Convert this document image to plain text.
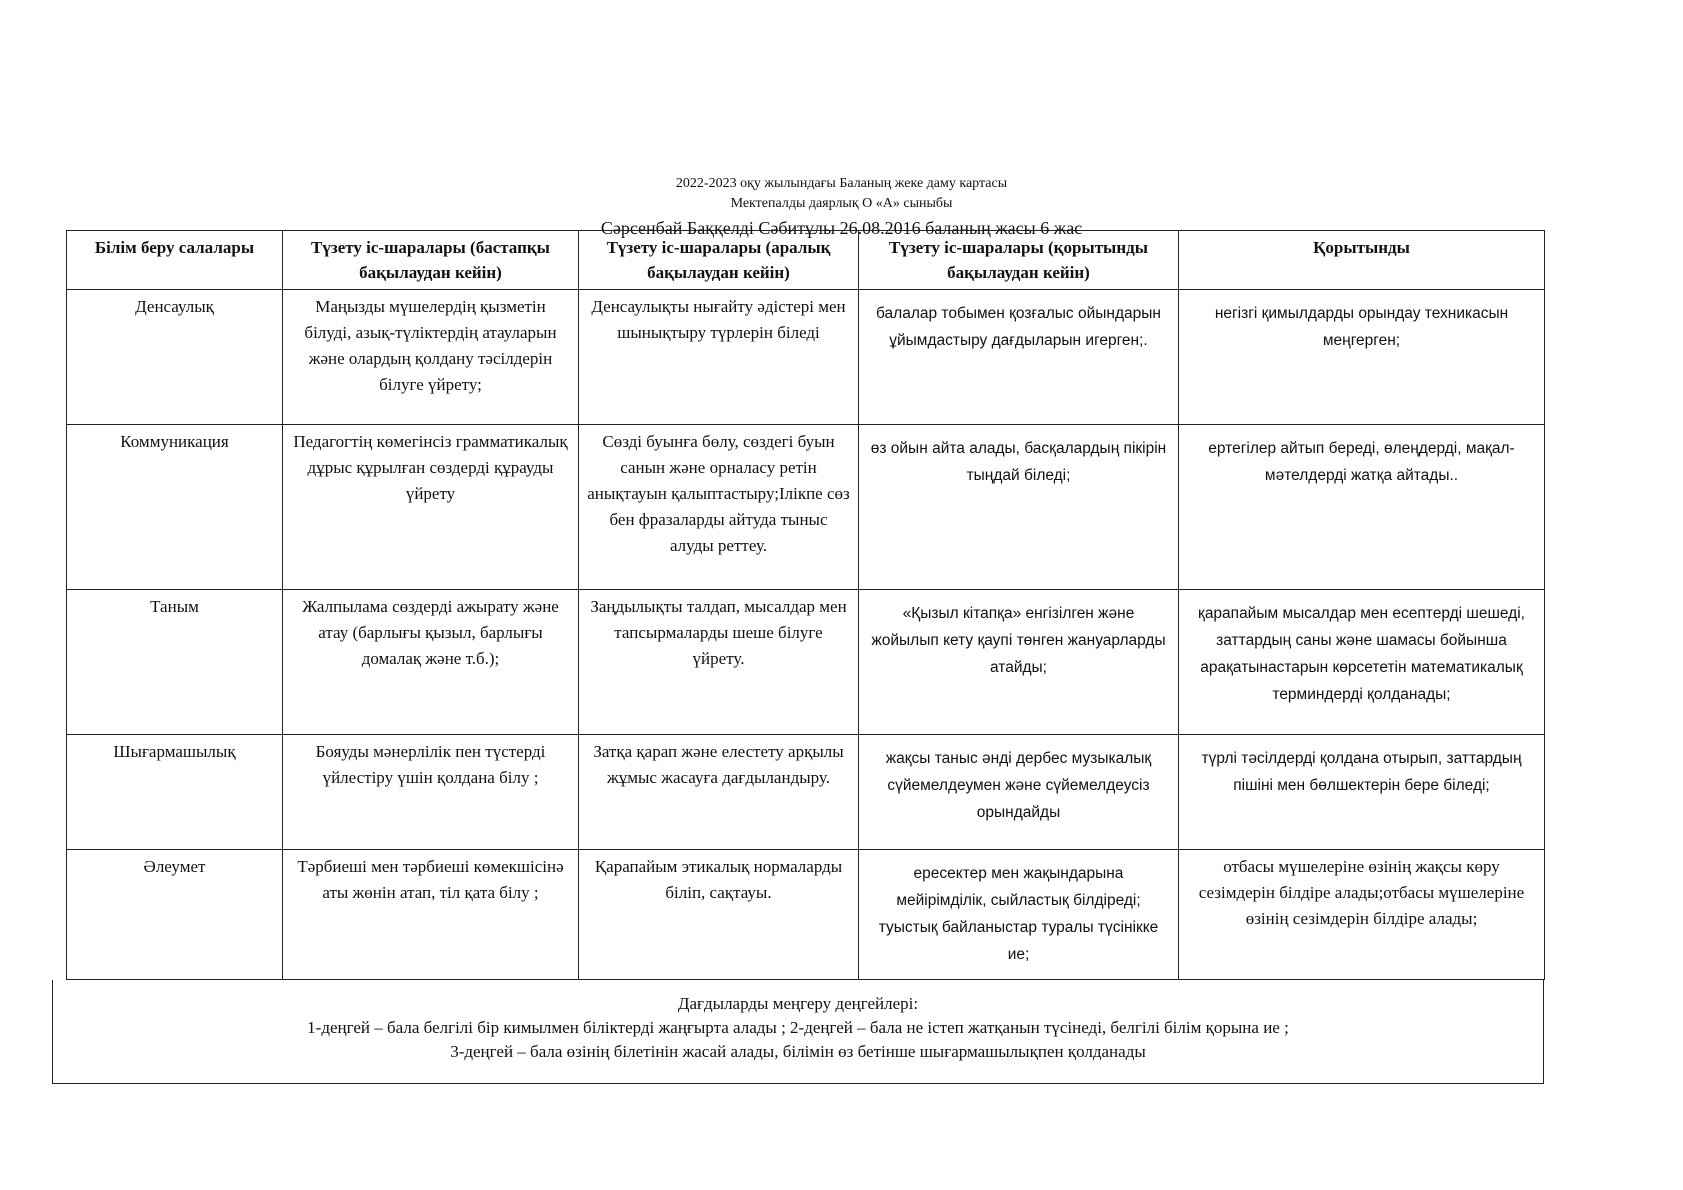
2022-2023 оқу жылындағы Баланың жеке даму картасы
Мектепалды даярлық О «А» сыныбы
Сәрсенбай Баққелді Сәбитұлы 26.08.2016 баланың жасы 6 жас
Білім беру салалары	Түзету іс-шаралары (бастапқы бақылаудан кейін)	Түзету іс-шаралары (аралық бақылаудан кейін)	Түзету іс-шаралары (қорытынды бақылаудан кейін)	Қорытынды
Денсаулық	Маңызды мүшелердің қызметін білуді, азық-түліктердің атауларын және олардың қолдану тәсілдерін білуге үйрету;	Денсаулықты нығайту әдістері мен шынықтыру түрлерін біледі	балалар тобымен қозғалыс ойындарын ұйымдастыру дағдыларын игерген;.	негізгі қимылдарды орындау техникасын меңгерген;
Коммуникация	Педагогтің көмегінсіз грамматикалық дұрыс құрылған сөздерді құрауды үйрету	Сөзді буынға бөлу, сөздегі буын санын және орналасу ретін анықтауын қалыптастыру;Ілікпе сөз бен фразаларды айтуда тыныс алуды реттеу.	өз ойын айта алады, басқалардың пікірін тыңдай біледі;	ертегілер айтып береді, өлеңдерді, мақал-мәтелдерді жатқа айтады..
Таным	Жалпылама сөздерді ажырату және атау (барлығы қызыл, барлығы домалақ және т.б.);	Заңдылықты талдап, мысалдар мен тапсырмаларды шеше білуге үйрету.	«Қызыл кітапқа» енгізілген және жойылып кету қаупі төнген жануарларды атайды;	қарапайым мысалдар мен есептерді шешеді, заттардың саны және шамасы бойынша арақатынастарын көрсететін математикалық терминдерді қолданады;
Шығармашылық	Бояуды мәнерлілік пен түстерді үйлестіру үшін қолдана білу ;	Затқа қарап және елестету арқылы жұмыс жасауға дағдыландыру.	жақсы таныс әнді дербес музыкалық сүйемелдеумен және сүйемелдеусіз орындайды	түрлі тәсілдерді қолдана отырып, заттардың пішіні мен бөлшектерін бере біледі;
Әлеумет	Тәрбиеші мен тәрбиеші көмекшісінә аты жөнін атап, тіл қата білу ;	Қарапайым этикалық нормаларды біліп, сақтауы.	ересектер мен жақындарына мейірімділік, сыйластық білдіреді; туыстық байланыстар туралы түсінікке ие;	отбасы мүшелеріне өзінің жақсы көру сезімдерін білдіре алады;отбасы мүшелеріне өзінің сезімдерін білдіре алады;
Дағдыларды меңгеру деңгейлері:
1-деңгей – бала белгілі бір кимылмен біліктерді жаңғырта алады ; 2-деңгей – бала не істеп жатқанын түсінеді, белгілі білім қорына ие ;
3-деңгей – бала өзінің білетінін жасай алады, білімін өз бетінше шығармашылықпен қолданады
